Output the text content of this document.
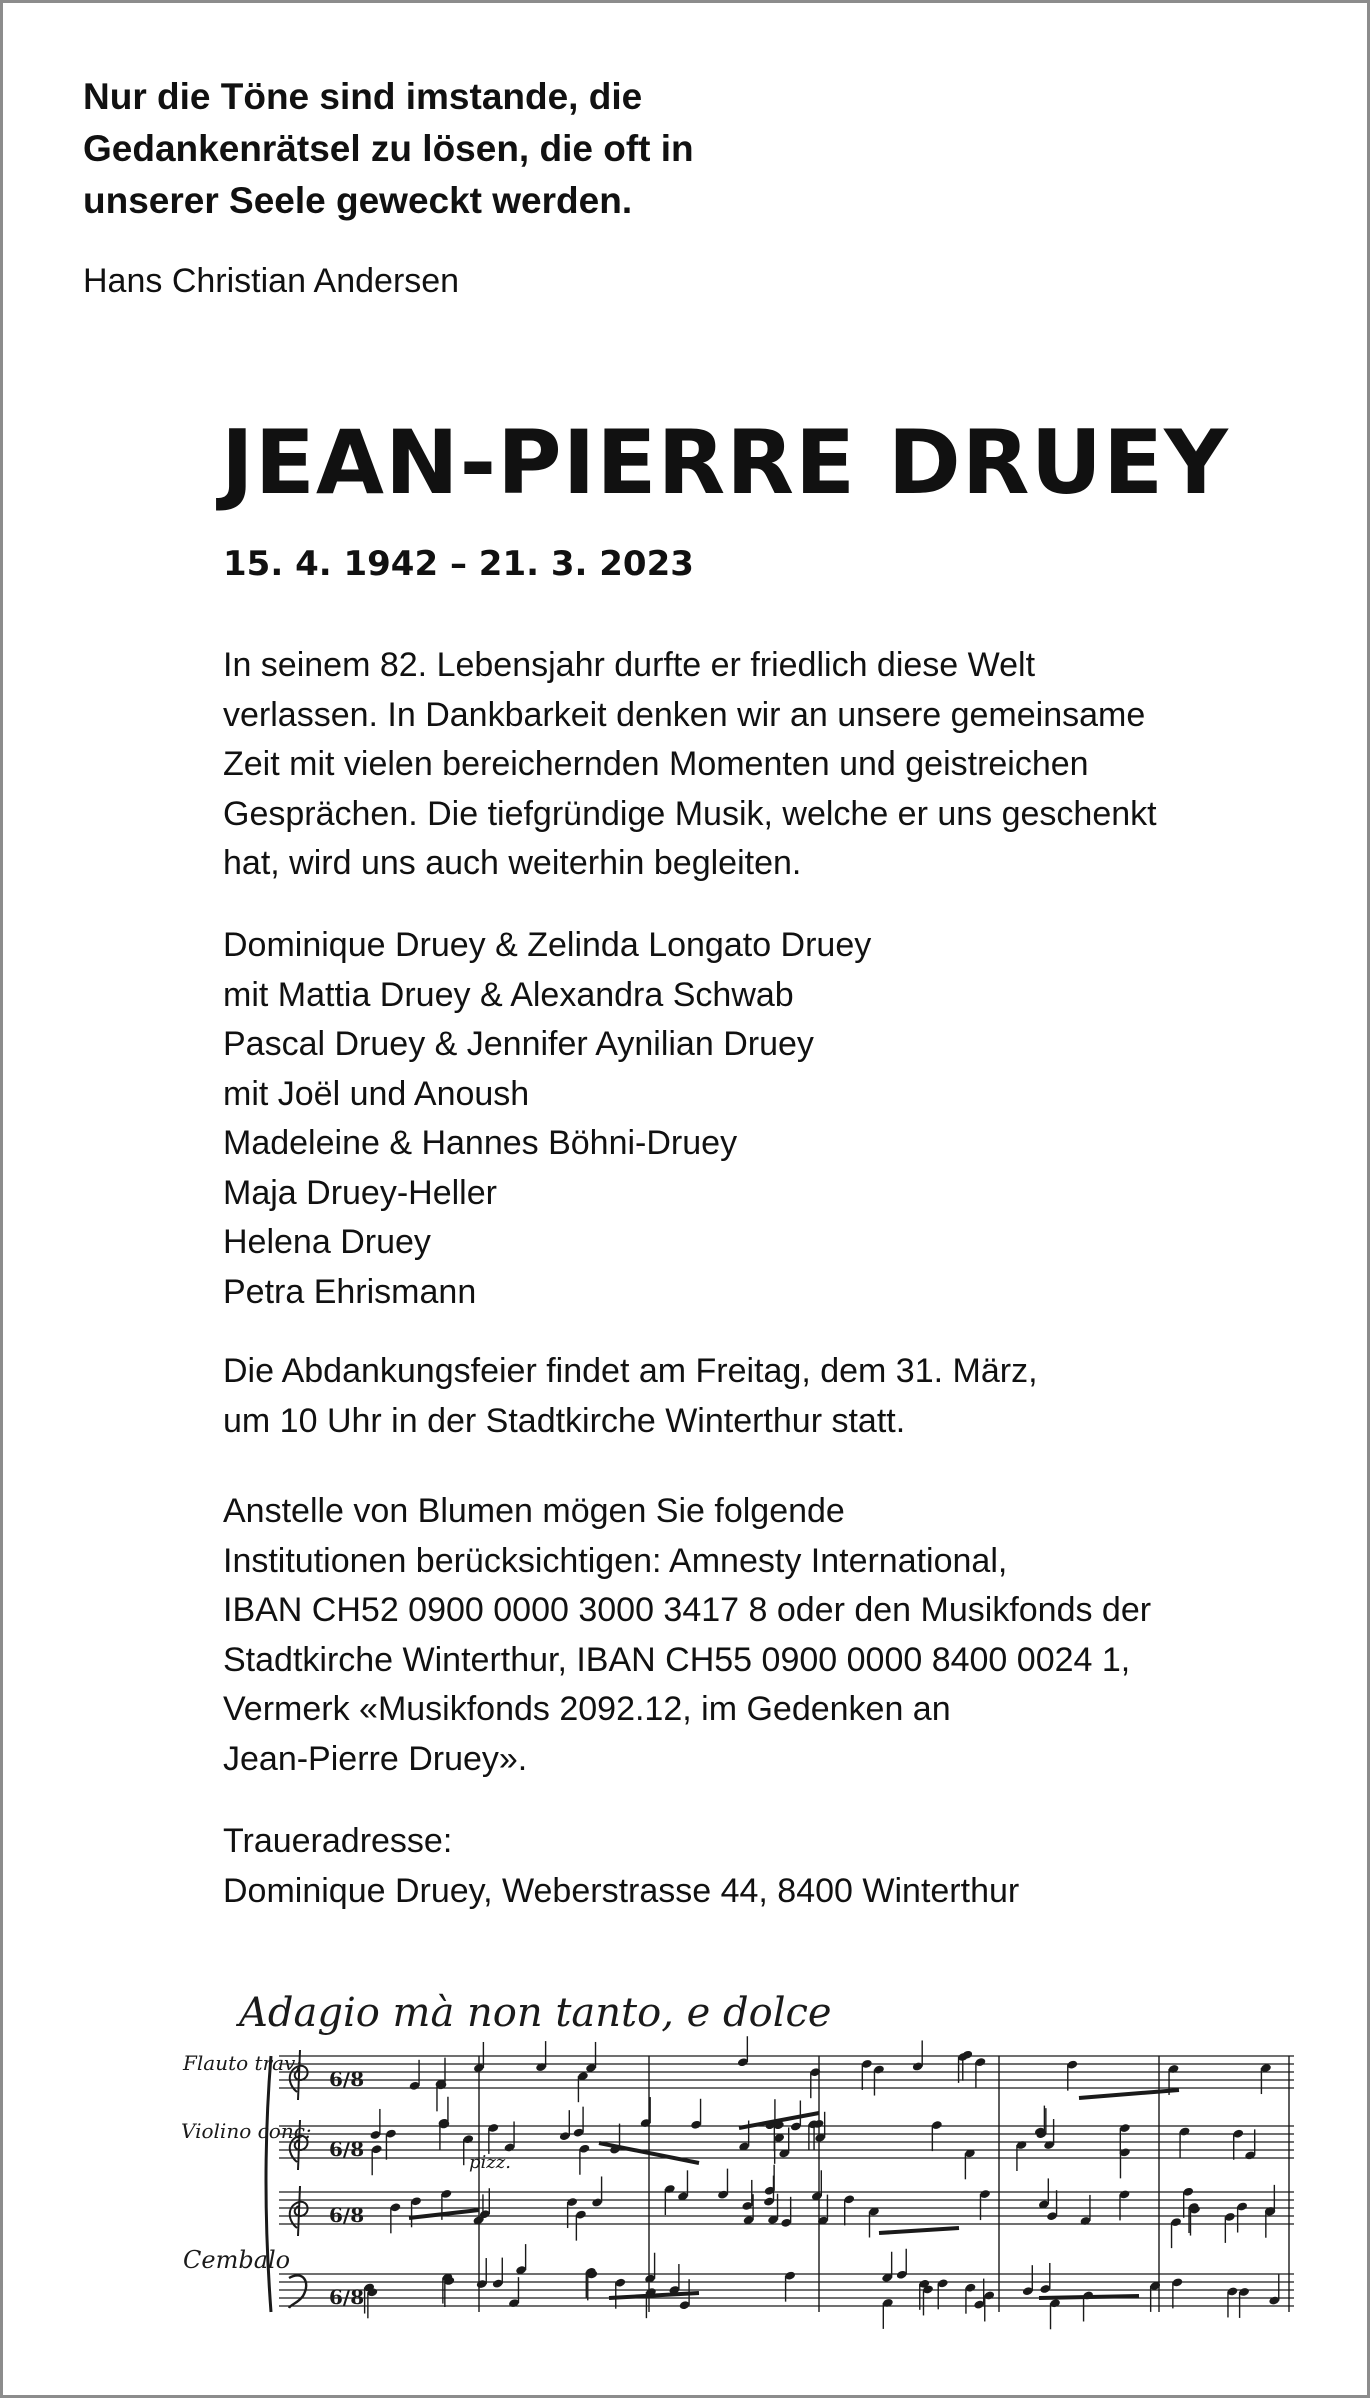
Nur die Töne sind imstande, die
Gedankenrätsel zu lösen, die oft in
unserer Seele geweckt werden.
Hans Christian Andersen
JEAN-PIERRE DRUEY
15. 4. 1942 – 21. 3. 2023
In seinem 82. Lebensjahr durfte er friedlich diese Welt
verlassen. In Dankbarkeit denken wir an unsere gemeinsame
Zeit mit vielen bereichernden Momenten und geistreichen
Gesprächen. Die tiefgründige Musik, welche er uns geschenkt
hat, wird uns auch weiterhin begleiten.
Dominique Druey & Zelinda Longato Druey
mit Mattia Druey & Alexandra Schwab
Pascal Druey & Jennifer Aynilian Druey
mit Joël und Anoush
Madeleine & Hannes Böhni-Druey
Maja Druey-Heller
Helena Druey
Petra Ehrismann
Die Abdankungsfeier findet am Freitag, dem 31. März,
um 10 Uhr in der Stadtkirche Winterthur statt.
Anstelle von Blumen mögen Sie folgende
Institutionen berücksichtigen: Amnesty International,
IBAN CH52 0900 0000 3000 3417 8 oder den Musikfonds der
Stadtkirche Winterthur, IBAN CH55 0900 0000 8400 0024 1,
Vermerk «Musikfonds 2092.12, im Gedenken an
Jean-Pierre Druey».
Traueradresse:
Dominique Druey, Weberstrasse 44, 8400 Winterthur
Adagio mà non tanto, e dolce
Flauto trav:
Violino conc:
Cembalo
pizz.
6/8
6/8
6/8
6/8
